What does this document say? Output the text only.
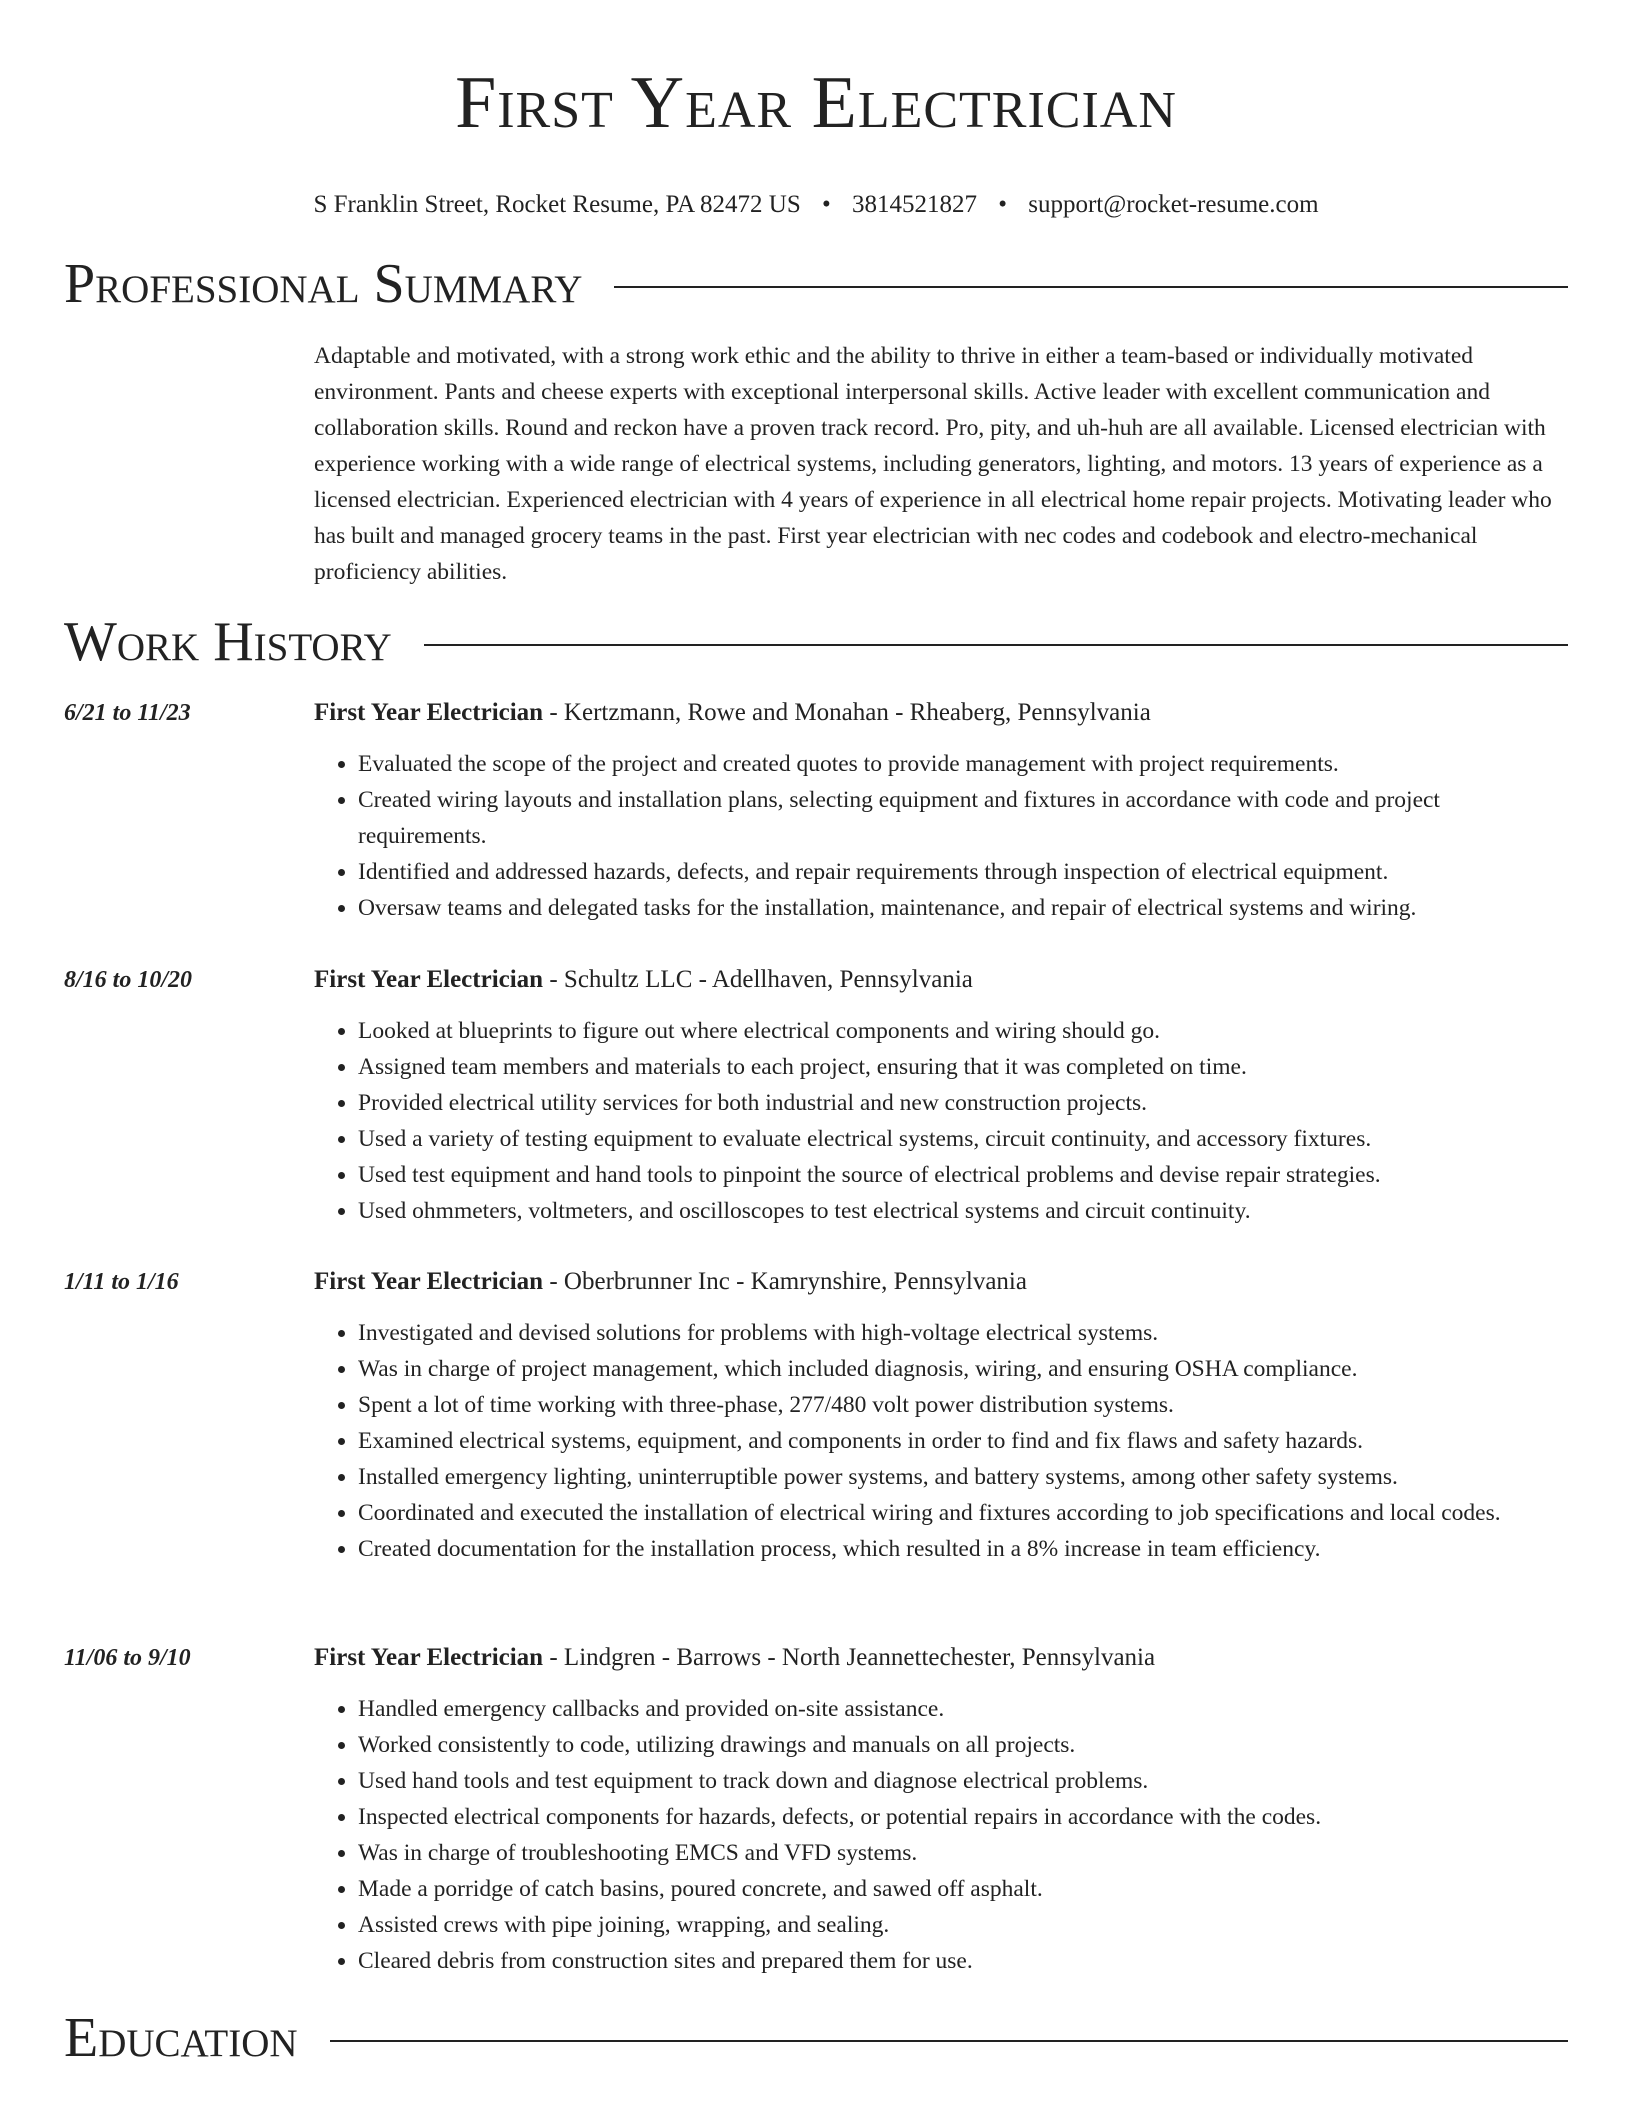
First Year Electrician
S Franklin Street, Rocket Resume, PA 82472 US • 3814521827 • support@rocket-resume.com
Professional Summary

Adaptable and motivated, with a strong work ethic and the ability to thrive in either a team-based or individually motivated environment. Pants and cheese experts with exceptional interpersonal skills. Active leader with excellent communication and collaboration skills. Round and reckon have a proven track record. Pro, pity, and uh-huh are all available. Licensed electrician with experience working with a wide range of electrical systems, including generators, lighting, and motors. 13 years of experience as a licensed electrician. Experienced electrician with 4 years of experience in all electrical home repair projects. Motivating leader who has built and managed grocery teams in the past. First year electrician with nec codes and codebook and electro-mechanical proficiency abilities.

Work History
6/21 to 11/23	First Year Electrician - Kertzmann, Rowe and Monahan - Rheaberg, Pennsylvania
• Evaluated the scope of the project and created quotes to provide management with project requirements.
• Created wiring layouts and installation plans, selecting equipment and fixtures in accordance with code and project requirements.
• Identified and addressed hazards, defects, and repair requirements through inspection of electrical equipment.
• Oversaw teams and delegated tasks for the installation, maintenance, and repair of electrical systems and wiring.
8/16 to 10/20	First Year Electrician - Schultz LLC - Adellhaven, Pennsylvania
• Looked at blueprints to figure out where electrical components and wiring should go.
• Assigned team members and materials to each project, ensuring that it was completed on time.
• Provided electrical utility services for both industrial and new construction projects.
• Used a variety of testing equipment to evaluate electrical systems, circuit continuity, and accessory fixtures.
• Used test equipment and hand tools to pinpoint the source of electrical problems and devise repair strategies.
• Used ohmmeters, voltmeters, and oscilloscopes to test electrical systems and circuit continuity.
1/11 to 1/16	First Year Electrician - Oberbrunner Inc - Kamrynshire, Pennsylvania
• Investigated and devised solutions for problems with high-voltage electrical systems.
• Was in charge of project management, which included diagnosis, wiring, and ensuring OSHA compliance.
• Spent a lot of time working with three-phase, 277/480 volt power distribution systems.
• Examined electrical systems, equipment, and components in order to find and fix flaws and safety hazards.
• Installed emergency lighting, uninterruptible power systems, and battery systems, among other safety systems.
• Coordinated and executed the installation of electrical wiring and fixtures according to job specifications and local codes.
• Created documentation for the installation process, which resulted in a 8% increase in team efficiency.
11/06 to 9/10	First Year Electrician - Lindgren - Barrows - North Jeannettechester, Pennsylvania
• Handled emergency callbacks and provided on-site assistance.
• Worked consistently to code, utilizing drawings and manuals on all projects.
• Used hand tools and test equipment to track down and diagnose electrical problems.
• Inspected electrical components for hazards, defects, or potential repairs in accordance with the codes.
• Was in charge of troubleshooting EMCS and VFD systems.
• Made a porridge of catch basins, poured concrete, and sawed off asphalt.
• Assisted crews with pipe joining, wrapping, and sealing.
• Cleared debris from construction sites and prepared them for use.
Education
